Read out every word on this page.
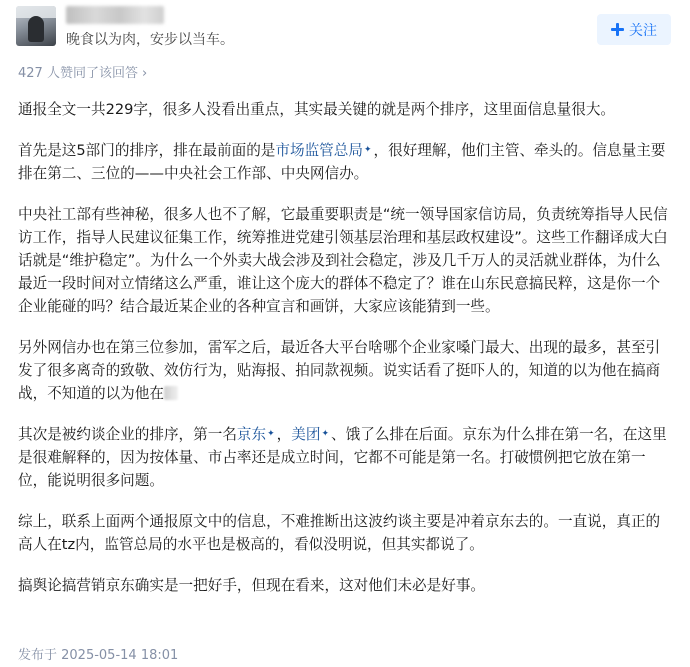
晚食以为肉，安步以当车。
关注
427 人赞同了该回答 ›

通报全文一共229字，很多人没看出重点，其实最关键的就是两个排序，这里面信息量很大。

首先是这5部门的排序，排在最前面的是市场监管总局✦ ，很好理解，他们主管、牵头的。信息量主要排在第二、三位的——中央社会工作部、中央网信办。

中央社工部有些神秘，很多人也不了解，它最重要职责是“统一领导国家信访局，负责统筹指导人民信访工作，指导人民建议征集工作，统筹推进党建引领基层治理和基层政权建设”。这些工作翻译成大白话就是“维护稳定”。为什么一个外卖大战会涉及到社会稳定，涉及几千万人的灵活就业群体，为什么最近一段时间对立情绪这么严重，谁让这个庞大的群体不稳定了？谁在山东民意搞民粹，这是你一个企业能碰的吗？结合最近某企业的各种宣言和画饼，大家应该能猜到一些。

另外网信办也在第三位参加，雷军之后，最近各大平台啥哪个企业家嗓门最大、出现的最多，甚至引发了很多离奇的致敬、效仿行为，贴海报、拍同款视频。说实话看了挺吓人的，知道的以为他在搞商战，不知道的以为他在

其次是被约谈企业的排序，第一名京东✦ ，美团✦ 、饿了么排在后面。京东为什么排在第一名，在这里是很难解释的，因为按体量、市占率还是成立时间，它都不可能是第一名。打破惯例把它放在第一位，能说明很多问题。

综上，联系上面两个通报原文中的信息，不难推断出这波约谈主要是冲着京东去的。一直说，真正的高人在tz内，监管总局的水平也是极高的，看似没明说，但其实都说了。

搞舆论搞营销京东确实是一把好手，但现在看来，这对他们未必是好事。

发布于 2025-05-14 18:01
